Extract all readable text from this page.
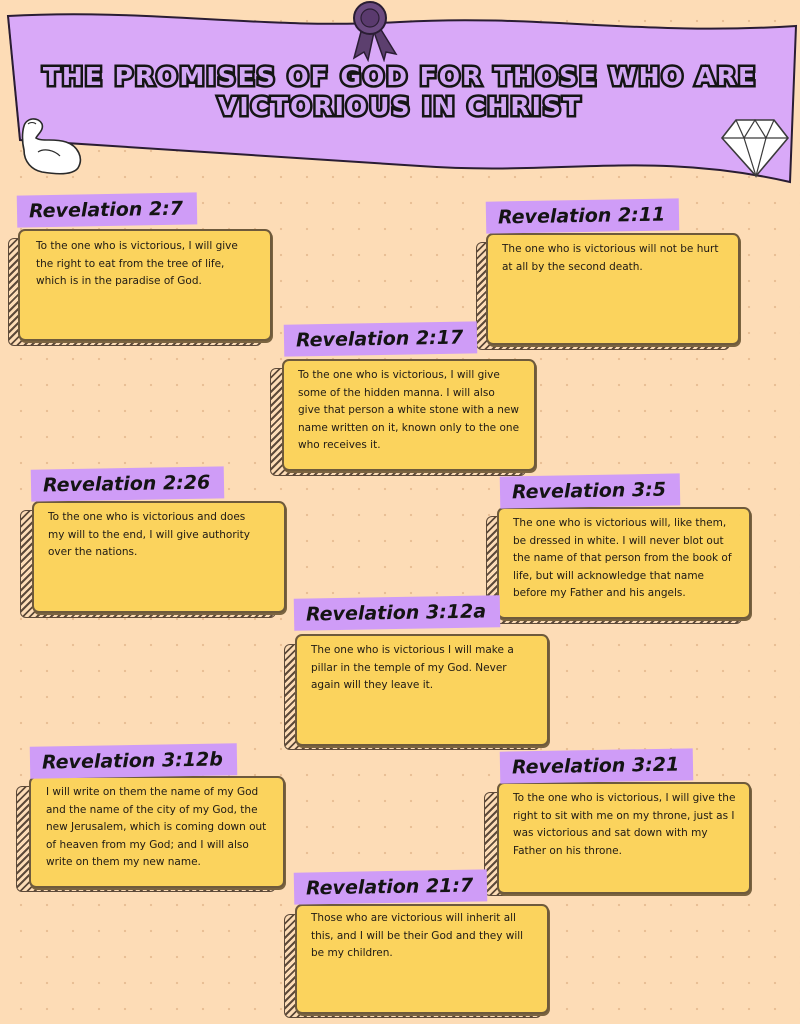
THE PROMISES OF GOD FOR THOSE WHO ARE
VICTORIOUS IN CHRIST
To the one who is victorious, I will give the right to eat from the tree of life, which is in the paradise of God.
Revelation 2:7
The one who is victorious will not be hurt at all by the second death.
Revelation 2:11
To the one who is victorious, I will give some of the hidden manna. I will also give that person a white stone with a new name written on it, known only to the one who receives it.
Revelation 2:17
To the one who is victorious and does my will to the end, I will give authority over the nations.
Revelation 2:26
The one who is victorious will, like them, be dressed in white. I will never blot out the name of that person from the book of life, but will acknowledge that name before my Father and his angels.
Revelation 3:5
The one who is victorious I will make a pillar in the temple of my God. Never again will they leave it.
Revelation 3:12a
I will write on them the name of my God and the name of the city of my God, the new Jerusalem, which is coming down out of heaven from my God; and I will also write on them my new name.
Revelation 3:12b
To the one who is victorious, I will give the right to sit with me on my throne, just as I was victorious and sat down with my Father on his throne.
Revelation 3:21
Those who are victorious will inherit all this, and I will be their God and they will be my children.
Revelation 21:7
